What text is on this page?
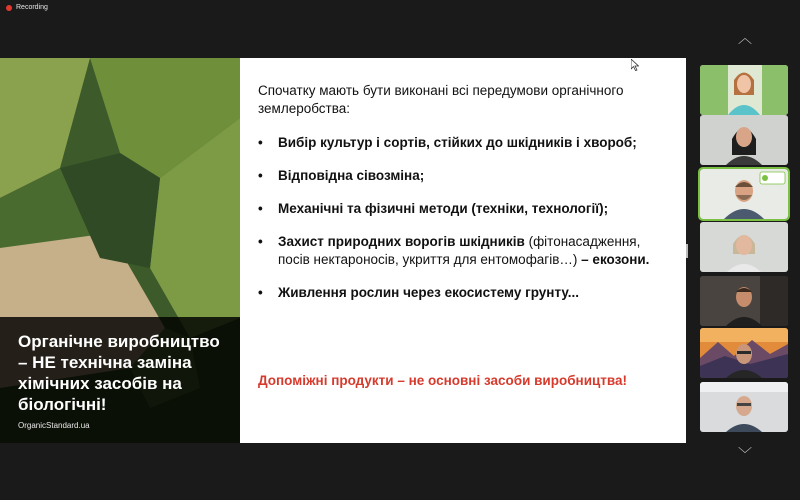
Recording
Органічне виробництво – НЕ технічна заміна хімічних засобів на біологічні!
OrganicStandard.ua
Спочатку мають бути виконані всі передумови органічного землеробства:
•	Вибір культур і сортів, стійких до шкідників і хвороб;
•	Відповідна сівозміна;
•	Механічні та фізичні методи (техніки, технології);
•	Захист природних ворогів шкідників (фітонасадження, посів нектароносів, укриття для ентомофагів…) – екозони.
•	Живлення рослин через екосистему грунту...
Допоміжні продукти – не основні засоби виробництва!
︿
﹀
